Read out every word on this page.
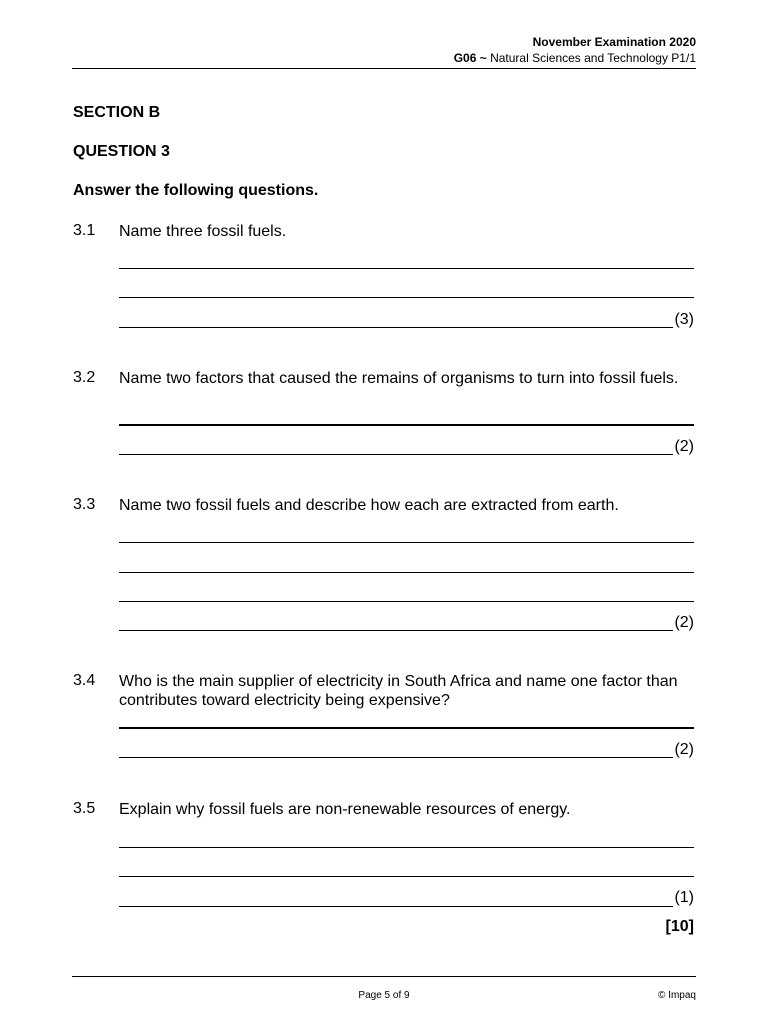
November Examination 2020
G06 ~ Natural Sciences and Technology P1/1
SECTION B
QUESTION 3
Answer the following questions.
3.1 Name three fossil fuels.
(3)
3.2 Name two factors that caused the remains of organisms to turn into fossil fuels.
(2)
3.3 Name two fossil fuels and describe how each are extracted from earth.
(2)
3.4 Who is the main supplier of electricity in South Africa and name one factor than contributes toward electricity being expensive?
(2)
3.5 Explain why fossil fuels are non-renewable resources of energy.
(1)
[10]
Page 5 of 9	© Impaq
